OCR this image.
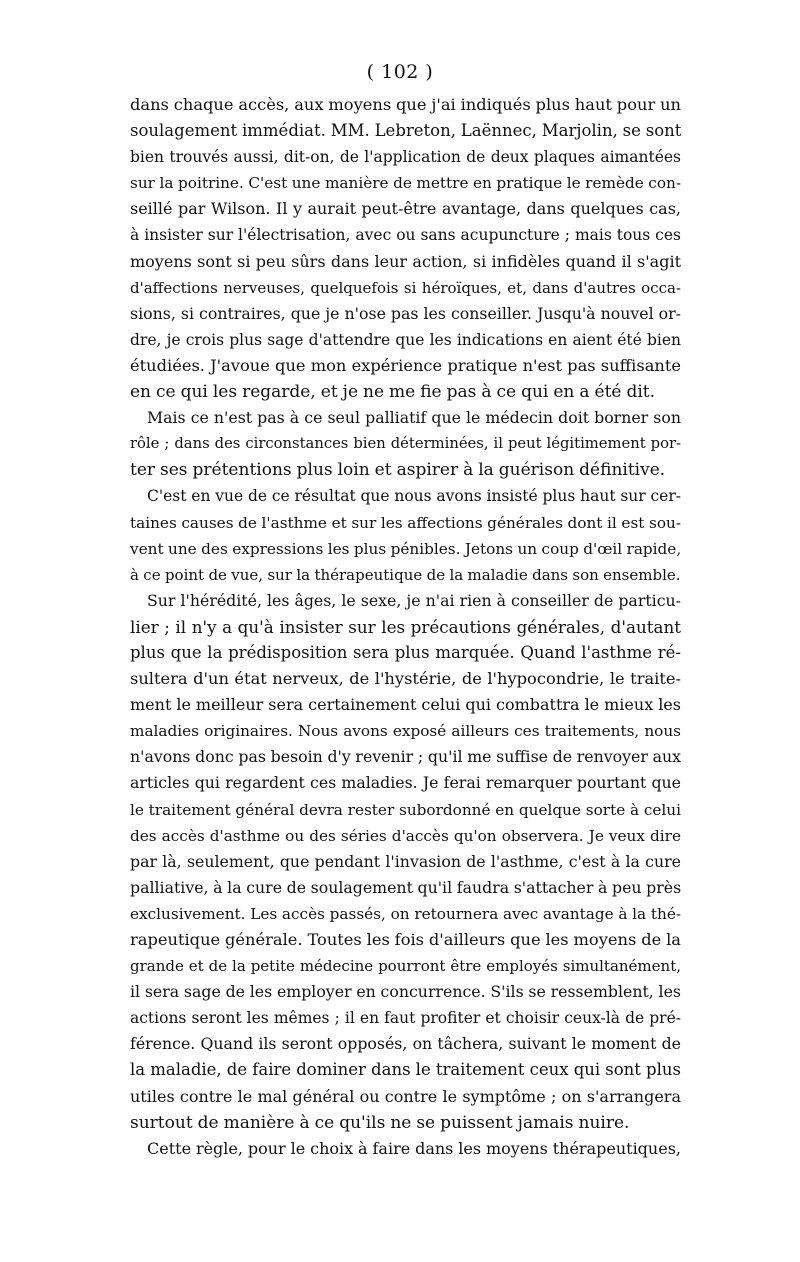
( 102 )
dans chaque accès, aux moyens que j'ai indiqués plus haut pour un
soulagement immédiat. MM. Lebreton, Laënnec, Marjolin, se sont
bien trouvés aussi, dit-on, de l'application de deux plaques aimantées
sur la poitrine. C'est une manière de mettre en pratique le remède con-
seillé par Wilson. Il y aurait peut-être avantage, dans quelques cas,
à insister sur l'électrisation, avec ou sans acupuncture ; mais tous ces
moyens sont si peu sûrs dans leur action, si infidèles quand il s'agit
d'affections nerveuses, quelquefois si héroïques, et, dans d'autres occa-
sions, si contraires, que je n'ose pas les conseiller. Jusqu'à nouvel or-
dre, je crois plus sage d'attendre que les indications en aient été bien
étudiées. J'avoue que mon expérience pratique n'est pas suffisante
en ce qui les regarde, et je ne me fie pas à ce qui en a été dit.
Mais ce n'est pas à ce seul palliatif que le médecin doit borner son
rôle ; dans des circonstances bien déterminées, il peut légitimement por-
ter ses prétentions plus loin et aspirer à la guérison définitive.
C'est en vue de ce résultat que nous avons insisté plus haut sur cer-
taines causes de l'asthme et sur les affections générales dont il est sou-
vent une des expressions les plus pénibles. Jetons un coup d'œil rapide,
à ce point de vue, sur la thérapeutique de la maladie dans son ensemble.
Sur l'hérédité, les âges, le sexe, je n'ai rien à conseiller de particu-
lier ; il n'y a qu'à insister sur les précautions générales, d'autant
plus que la prédisposition sera plus marquée. Quand l'asthme ré-
sultera d'un état nerveux, de l'hystérie, de l'hypocondrie, le traite-
ment le meilleur sera certainement celui qui combattra le mieux les
maladies originaires. Nous avons exposé ailleurs ces traitements, nous
n'avons donc pas besoin d'y revenir ; qu'il me suffise de renvoyer aux
articles qui regardent ces maladies. Je ferai remarquer pourtant que
le traitement général devra rester subordonné en quelque sorte à celui
des accès d'asthme ou des séries d'accès qu'on observera. Je veux dire
par là, seulement, que pendant l'invasion de l'asthme, c'est à la cure
palliative, à la cure de soulagement qu'il faudra s'attacher à peu près
exclusivement. Les accès passés, on retournera avec avantage à la thé-
rapeutique générale. Toutes les fois d'ailleurs que les moyens de la
grande et de la petite médecine pourront être employés simultanément,
il sera sage de les employer en concurrence. S'ils se ressemblent, les
actions seront les mêmes ; il en faut profiter et choisir ceux-là de pré-
férence. Quand ils seront opposés, on tâchera, suivant le moment de
la maladie, de faire dominer dans le traitement ceux qui sont plus
utiles contre le mal général ou contre le symptôme ; on s'arrangera
surtout de manière à ce qu'ils ne se puissent jamais nuire.
Cette règle, pour le choix à faire dans les moyens thérapeutiques,
